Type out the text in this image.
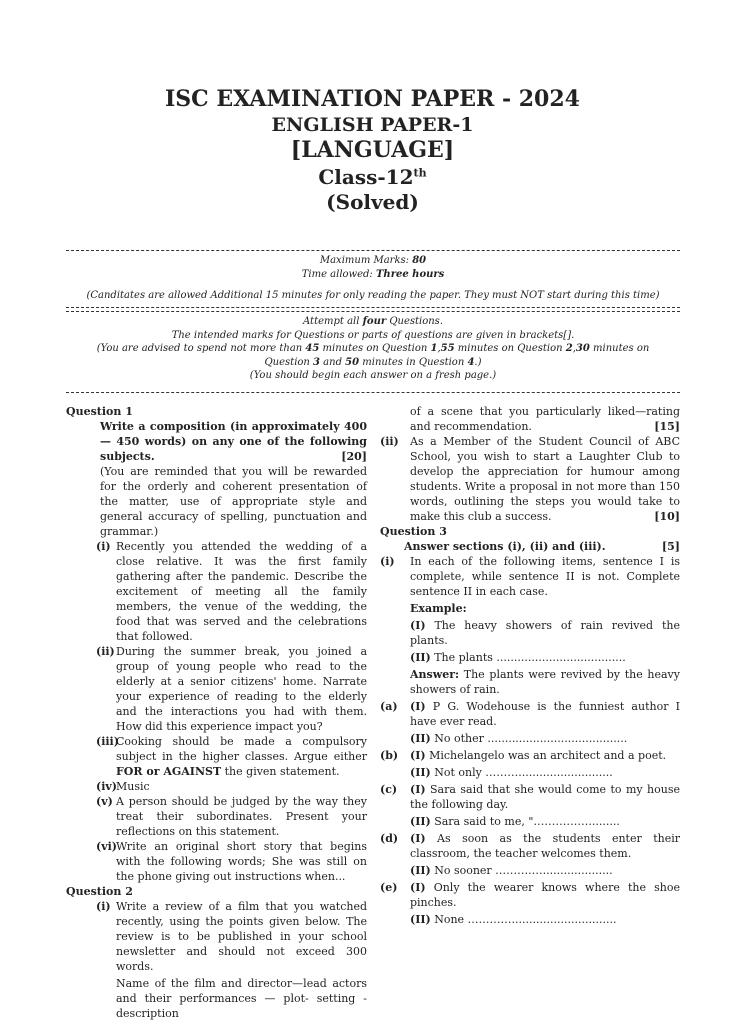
ISC EXAMINATION PAPER - 2024
ENGLISH PAPER-1
[LANGUAGE]
Class-12th
(Solved)
Maximum Marks: 80
Time allowed: Three hours
(Canditates are allowed Additional 15 minutes for only reading the paper. They must NOT start during this time)
Attempt all four Questions.
The intended marks for Questions or parts of questions are given in brackets[].
(You are advised to spend not more than 45 minutes on Question 1,55 minutes on Question 2,30 minutes on
Question 3 and 50 minutes in Question 4.)
(You should begin each answer on a fresh page.)

Question 1

Write a composition (in approximately 400— 450 words) on any one of the following subjects.	[20]

(You are reminded that you will be rewarded for the orderly and coherent presentation of the matter, use of appropriate style and general accuracy of spelling, punctuation and grammar.)

(i) Recently you attended the wedding of a close relative. It was the first family gathering after the pandemic. Describe the excitement of meeting all the family members, the venue of the wedding, the food that was served and the celebrations that followed.

(ii) During the summer break, you joined a group of young people who read to the elderly at a senior citizens' home. Narrate your experience of reading to the elderly and the interactions you had with them. How did this experience impact you?

(iii)
Cooking should be made a compulsory subject in the higher classes. Argue either FOR or AGAINST the given statement.

(iv) Music

(v) A person should be judged by the way they treat their subordinates. Present your reflections on this statement.

(vi) Write an original short story that begins with the following words; She was still on the phone giving out instructions when...

Question 2

(i) Write a review of a film that you watched recently, using the points given below. The review is to be published in your school newsletter and should not exceed 300 words.

Name of the film and director—lead actors and their performances — plot- setting - description

of a scene that you particularly liked—rating and recommendation.	[15]

(ii) As a Member of the Student Council of ABC School, you wish to start a Laughter Club to develop the appreciation for humour among students. Write a proposal in not more than 150 words, outlining the steps you would take to make this club a success.	[10]

Question 3

Answer sections (i), (ii) and (iii).	[5]

(i) In each of the following items, sentence I is complete, while sentence II is not. Complete sentence II in each case.

Example:

(I) The heavy showers of rain revived the plants.

(II) The plants .....................................

Answer: The plants were revived by the heavy showers of rain.

(a) (I) P G. Wodehouse is the funniest author I have ever read.

(II) No other ........................................

(b) (I) Michelangelo was an architect and a poet.

(II) Not only ………...........................

(c) (I) Sara said that she would come to my house the following day.

(II) Sara said to me, "…………….........

(d) (I) As soon as the students enter their classroom, the teacher welcomes them.

(II) No sooner ……….…....................

(e) (I) Only the wearer knows where the shoe pinches.

(II) None …………..............................
